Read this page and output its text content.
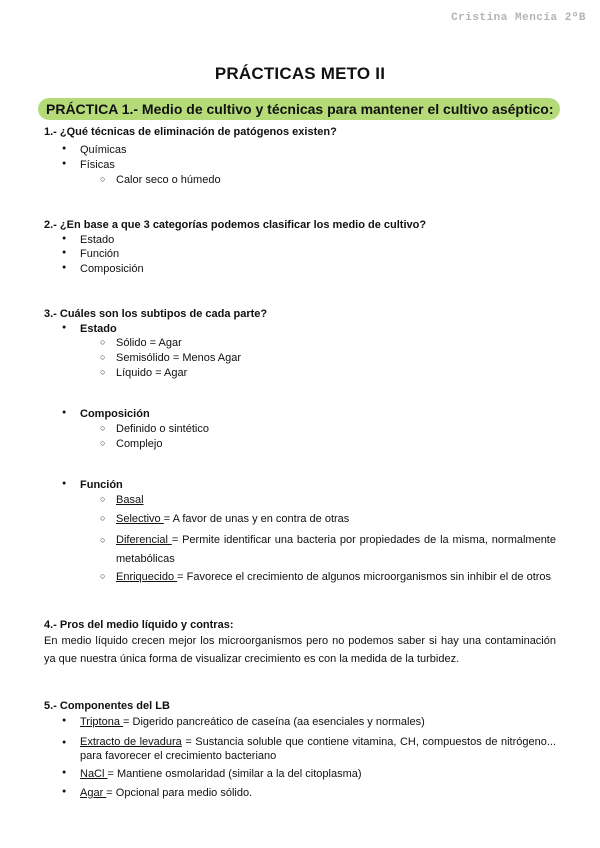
Cristina Mencía 2ºB
PRÁCTICAS METO II
PRÁCTICA 1.- Medio de cultivo y técnicas para mantener el cultivo aséptico:
1.- ¿Qué técnicas de eliminación de patógenos existen?
● Químicas
● Físicas
○ Calor seco o húmedo
2.- ¿En base a que 3 categorías podemos clasificar los medio de cultivo?
● Estado
● Función
● Composición
3.- Cuáles son los subtipos de cada parte?
● Estado
○ Sólido = Agar
○ Semisólido = Menos Agar
○ Líquido = Agar
● Composición
○ Definido o sintético
○ Complejo
● Función
○ Basal
○ Selectivo = A favor de unas y en contra de otras
○ Diferencial = Permite identificar una bacteria por propiedades de la misma, normalmente metabólicas
○ Enriquecido = Favorece el crecimiento de algunos microorganismos sin inhibir el de otros
4.- Pros del medio líquido y contras:
En medio líquido crecen mejor los microorganismos pero no podemos saber si hay una contaminación ya que nuestra única forma de visualizar crecimiento es con la medida de la turbidez.
5.- Componentes del LB
● Triptona = Digerido pancreático de caseína (aa esenciales y normales)
● Extracto de levadura = Sustancia soluble que contiene vitamina, CH, compuestos de nitrógeno... para favorecer el crecimiento bacteriano
● NaCl = Mantiene osmolaridad (similar a la del citoplasma)
● Agar = Opcional para medio sólido.
